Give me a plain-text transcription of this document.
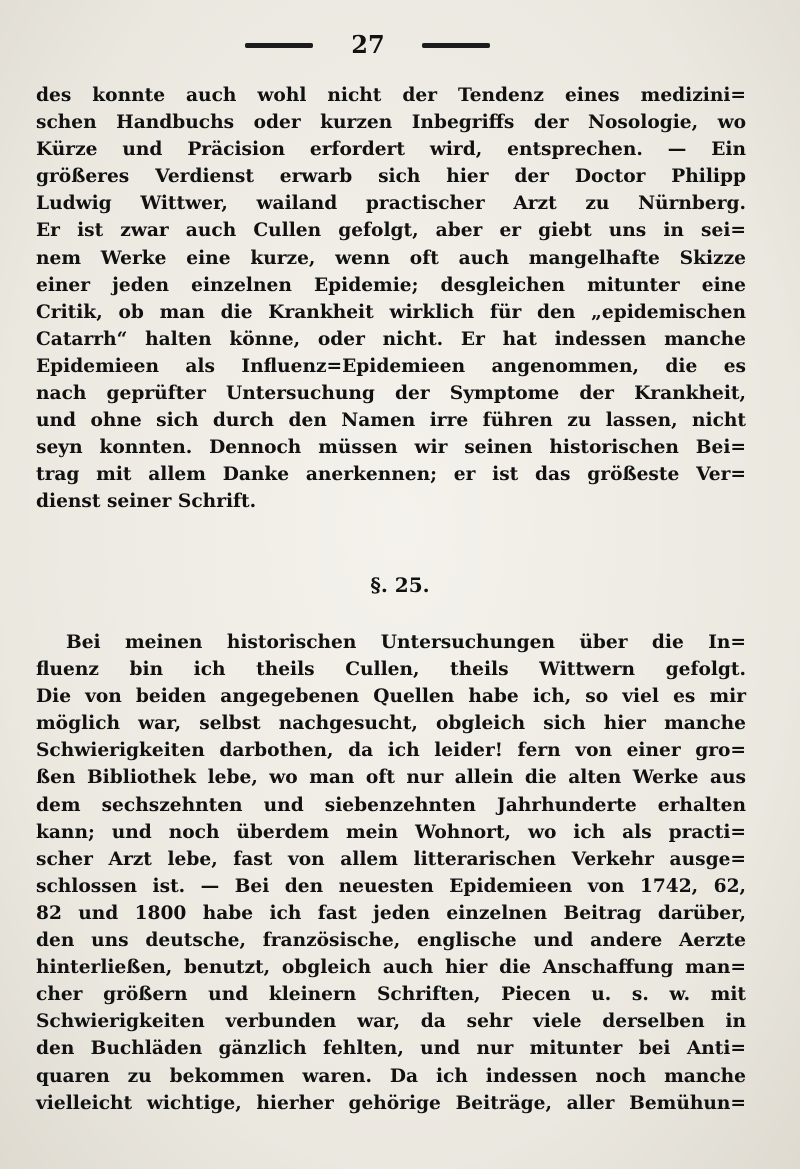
27
des konnte auch wohl nicht der Tendenz eines medizini=
schen Handbuchs oder kurzen Inbegriffs der Nosologie, wo
Kürze und Präcision erfordert wird, entsprechen. — Ein
größeres Verdienst erwarb sich hier der Doctor Philipp
Ludwig Wittwer, wailand practischer Arzt zu Nürnberg.
Er ist zwar auch Cullen gefolgt, aber er giebt uns in sei=
nem Werke eine kurze, wenn oft auch mangelhafte Skizze
einer jeden einzelnen Epidemie; desgleichen mitunter eine
Critik, ob man die Krankheit wirklich für den „epidemischen
Catarrh“ halten könne, oder nicht. Er hat indessen manche
Epidemieen als Influenz=Epidemieen angenommen, die es
nach geprüfter Untersuchung der Symptome der Krankheit,
und ohne sich durch den Namen irre führen zu lassen, nicht
seyn konnten. Dennoch müssen wir seinen historischen Bei=
trag mit allem Danke anerkennen; er ist das größeste Ver=
dienst seiner Schrift.
§. 25.
Bei meinen historischen Untersuchungen über die In=
fluenz bin ich theils Cullen, theils Wittwern gefolgt.
Die von beiden angegebenen Quellen habe ich, so viel es mir
möglich war, selbst nachgesucht, obgleich sich hier manche
Schwierigkeiten darbothen, da ich leider! fern von einer gro=
ßen Bibliothek lebe, wo man oft nur allein die alten Werke aus
dem sechszehnten und siebenzehnten Jahrhunderte erhalten
kann; und noch überdem mein Wohnort, wo ich als practi=
scher Arzt lebe, fast von allem litterarischen Verkehr ausge=
schlossen ist. — Bei den neuesten Epidemieen von 1742, 62,
82 und 1800 habe ich fast jeden einzelnen Beitrag darüber,
den uns deutsche, französische, englische und andere Aerzte
hinterließen, benutzt, obgleich auch hier die Anschaffung man=
cher größern und kleinern Schriften, Piecen u. s. w. mit
Schwierigkeiten verbunden war, da sehr viele derselben in
den Buchläden gänzlich fehlten, und nur mitunter bei Anti=
quaren zu bekommen waren. Da ich indessen noch manche
vielleicht wichtige, hierher gehörige Beiträge, aller Bemühun=
